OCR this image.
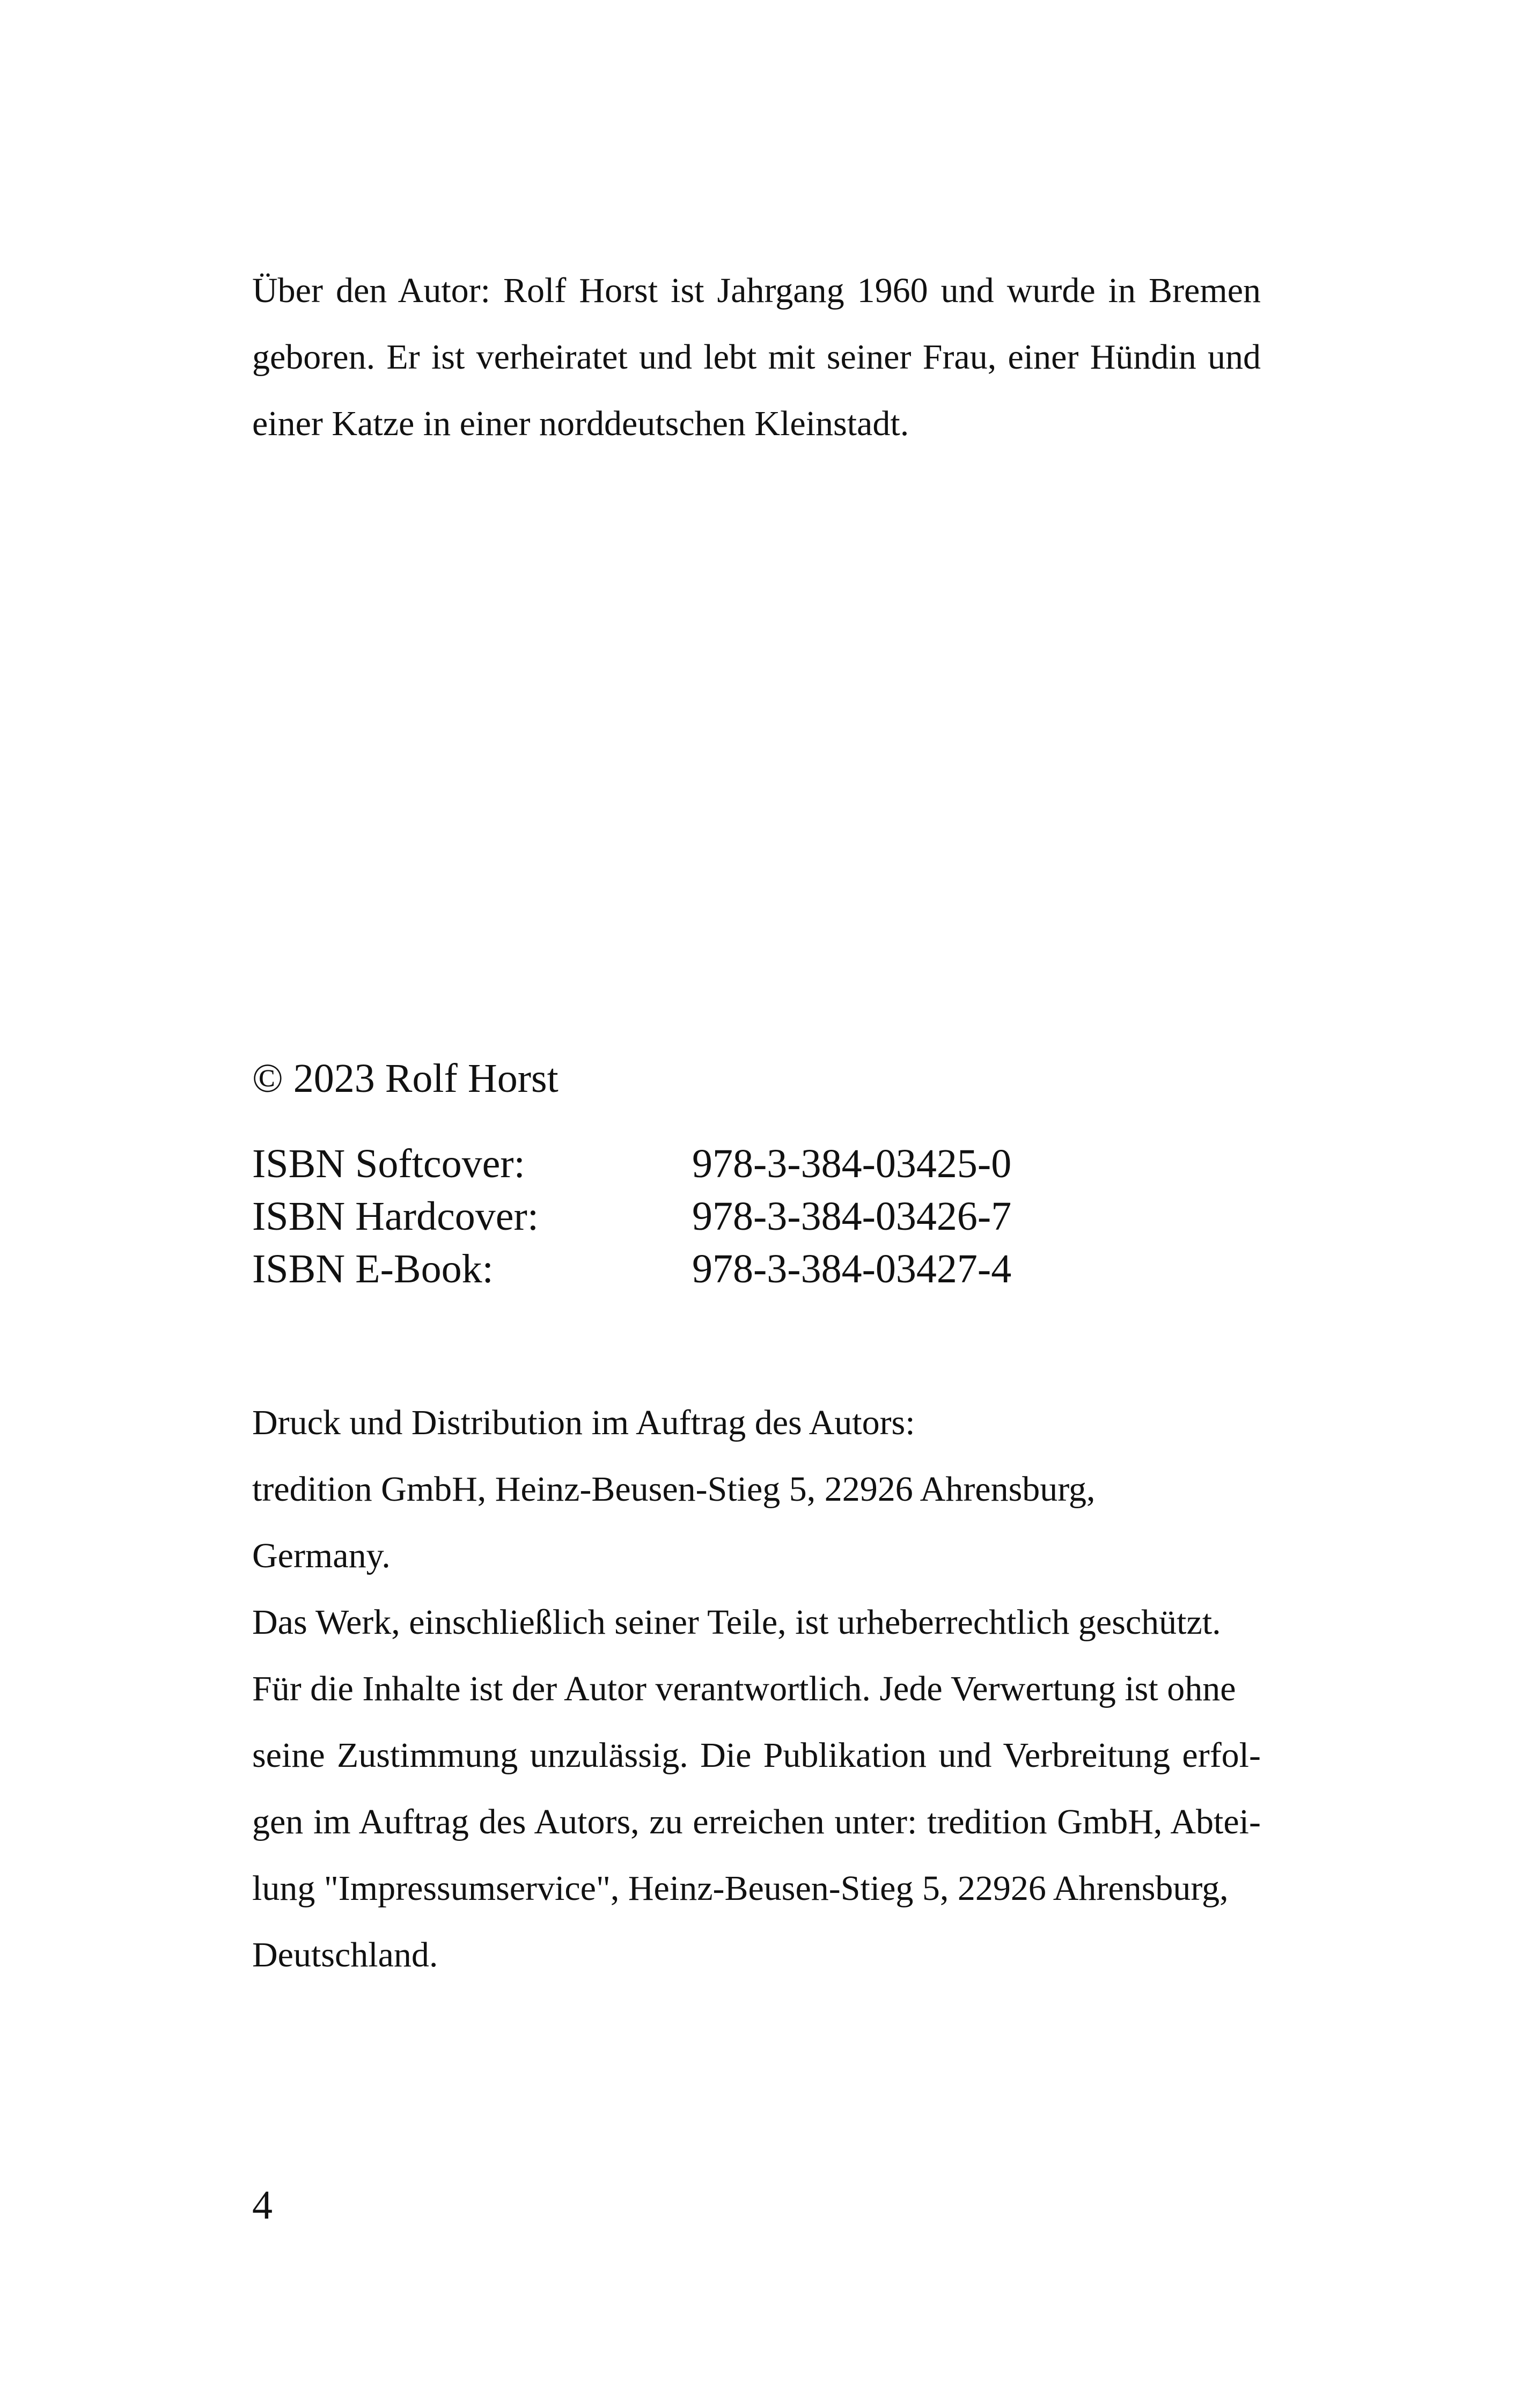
Über den Autor: Rolf Horst ist Jahrgang 1960 und wurde in Bremen
geboren. Er ist verheiratet und lebt mit seiner Frau, einer Hündin und
einer Katze in einer norddeutschen Kleinstadt.
© 2023 Rolf Horst
ISBN Softcover:	978-3-384-03425-0
ISBN Hardcover:	978-3-384-03426-7
ISBN E-Book:	978-3-384-03427-4
Druck und Distribution im Auftrag des Autors:
tredition GmbH, Heinz-Beusen-Stieg 5, 22926 Ahrensburg,
Germany.
Das Werk, einschließlich seiner Teile, ist urheberrechtlich geschützt.
Für die Inhalte ist der Autor verantwortlich. Jede Verwertung ist ohne
seine Zustimmung unzulässig. Die Publikation und Verbreitung erfol-
gen im Auftrag des Autors, zu erreichen unter: tredition GmbH, Abtei-
lung "Impressumservice", Heinz-Beusen-Stieg 5, 22926 Ahrensburg,
Deutschland.
4
